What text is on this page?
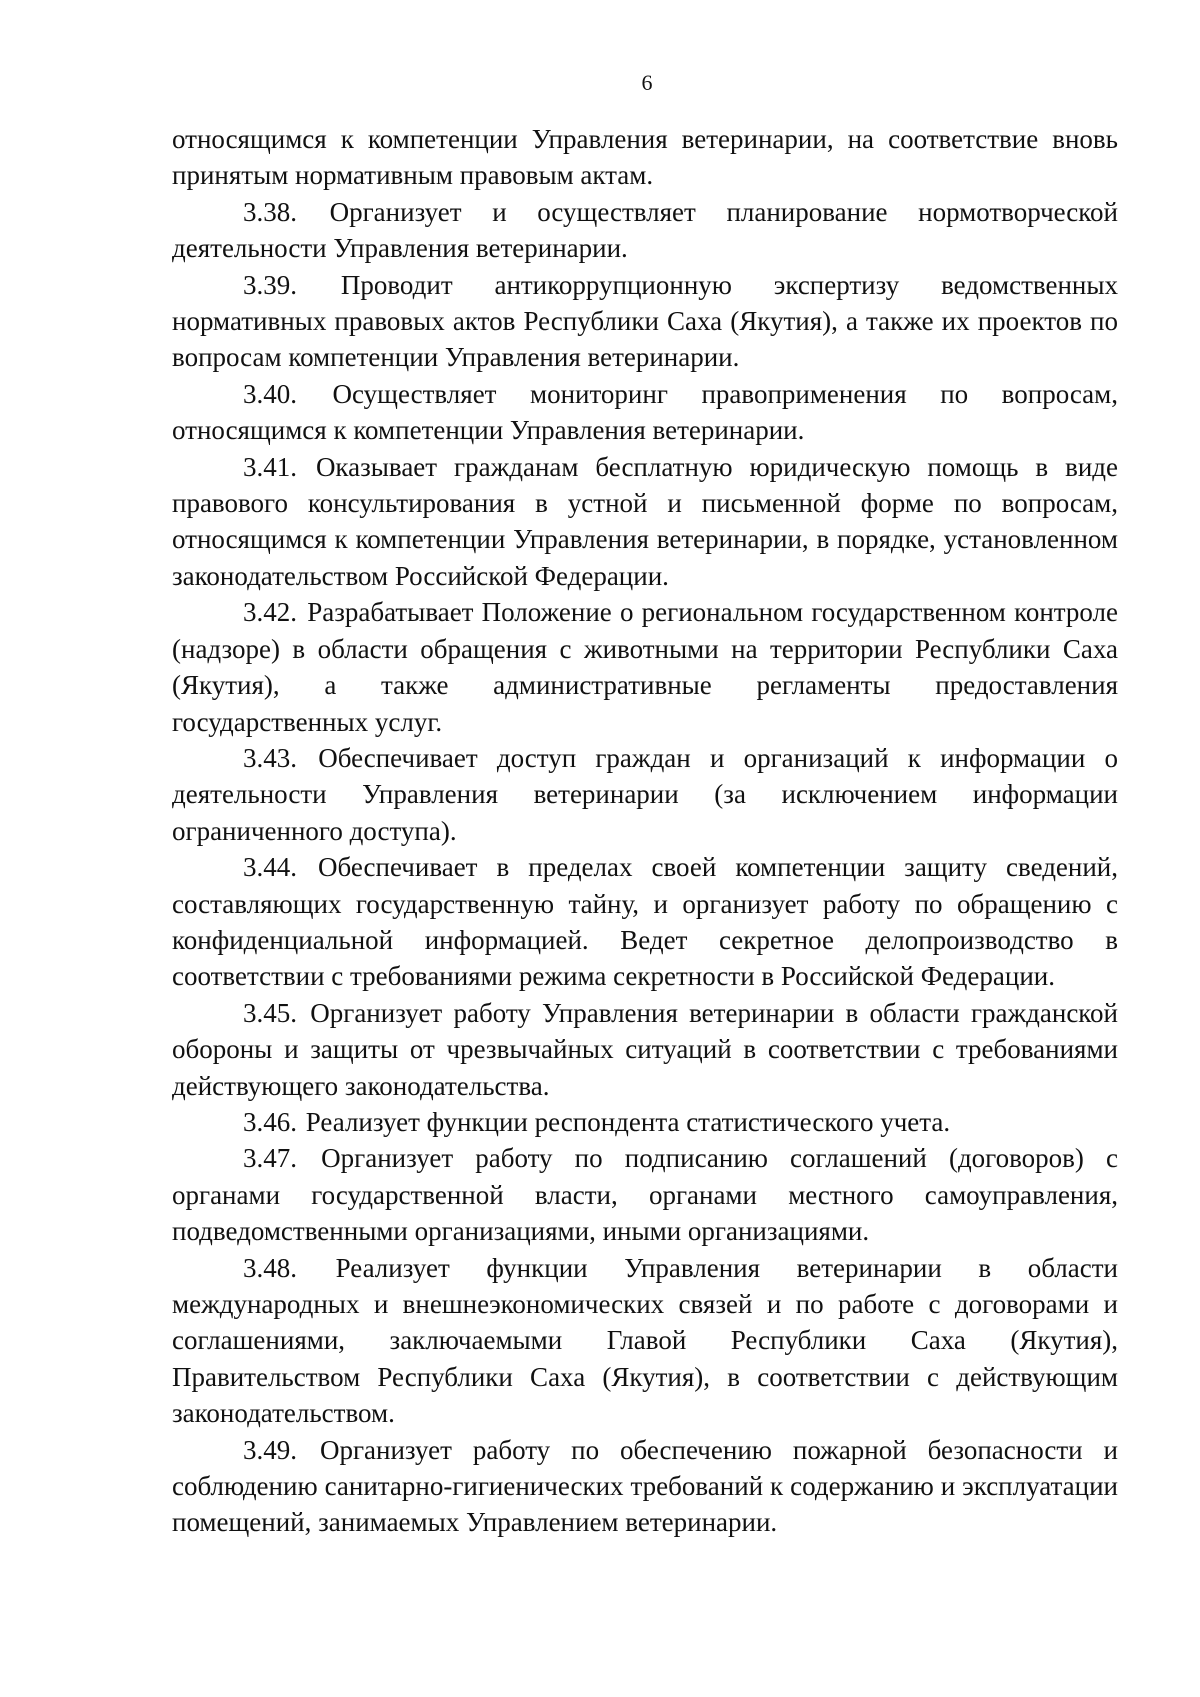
6

относящимся к компетенции Управления ветеринарии, на соответствие вновь принятым нормативным правовым актам.

3.38. Организует и осуществляет планирование нормотворческой деятельности Управления ветеринарии.

3.39. Проводит антикоррупционную экспертизу ведомственных нормативных правовых актов Республики Саха (Якутия), а также их проектов по вопросам компетенции Управления ветеринарии.

3.40. Осуществляет мониторинг правоприменения по вопросам, относящимся к компетенции Управления ветеринарии.

3.41. Оказывает гражданам бесплатную юридическую помощь в виде правового консультирования в устной и письменной форме по вопросам, относящимся к компетенции Управления ветеринарии, в порядке, установленном законодательством Российской Федерации.

3.42. Разрабатывает Положение о региональном государственном контроле (надзоре) в области обращения с животными на территории Республики Саха (Якутия), а также административные регламенты предоставления государственных услуг.

3.43. Обеспечивает доступ граждан и организаций к информации о деятельности Управления ветеринарии (за исключением информации ограниченного доступа).

3.44. Обеспечивает в пределах своей компетенции защиту сведений, составляющих государственную тайну, и организует работу по обращению с конфиденциальной информацией. Ведет секретное делопроизводство в соответствии с требованиями режима секретности в Российской Федерации.

3.45. Организует работу Управления ветеринарии в области гражданской обороны и защиты от чрезвычайных ситуаций в соответствии с требованиями действующего законодательства.

3.46. Реализует функции респондента статистического учета.

3.47. Организует работу по подписанию соглашений (договоров) с органами государственной власти, органами местного самоуправления, подведомственными организациями, иными организациями.

3.48. Реализует функции Управления ветеринарии в области международных и внешнеэкономических связей и по работе с договорами и соглашениями, заключаемыми Главой Республики Саха (Якутия), Правительством Республики Саха (Якутия), в соответствии с действующим законодательством.

3.49. Организует работу по обеспечению пожарной безопасности и соблюдению санитарно-гигиенических требований к содержанию и эксплуатации помещений, занимаемых Управлением ветеринарии.
